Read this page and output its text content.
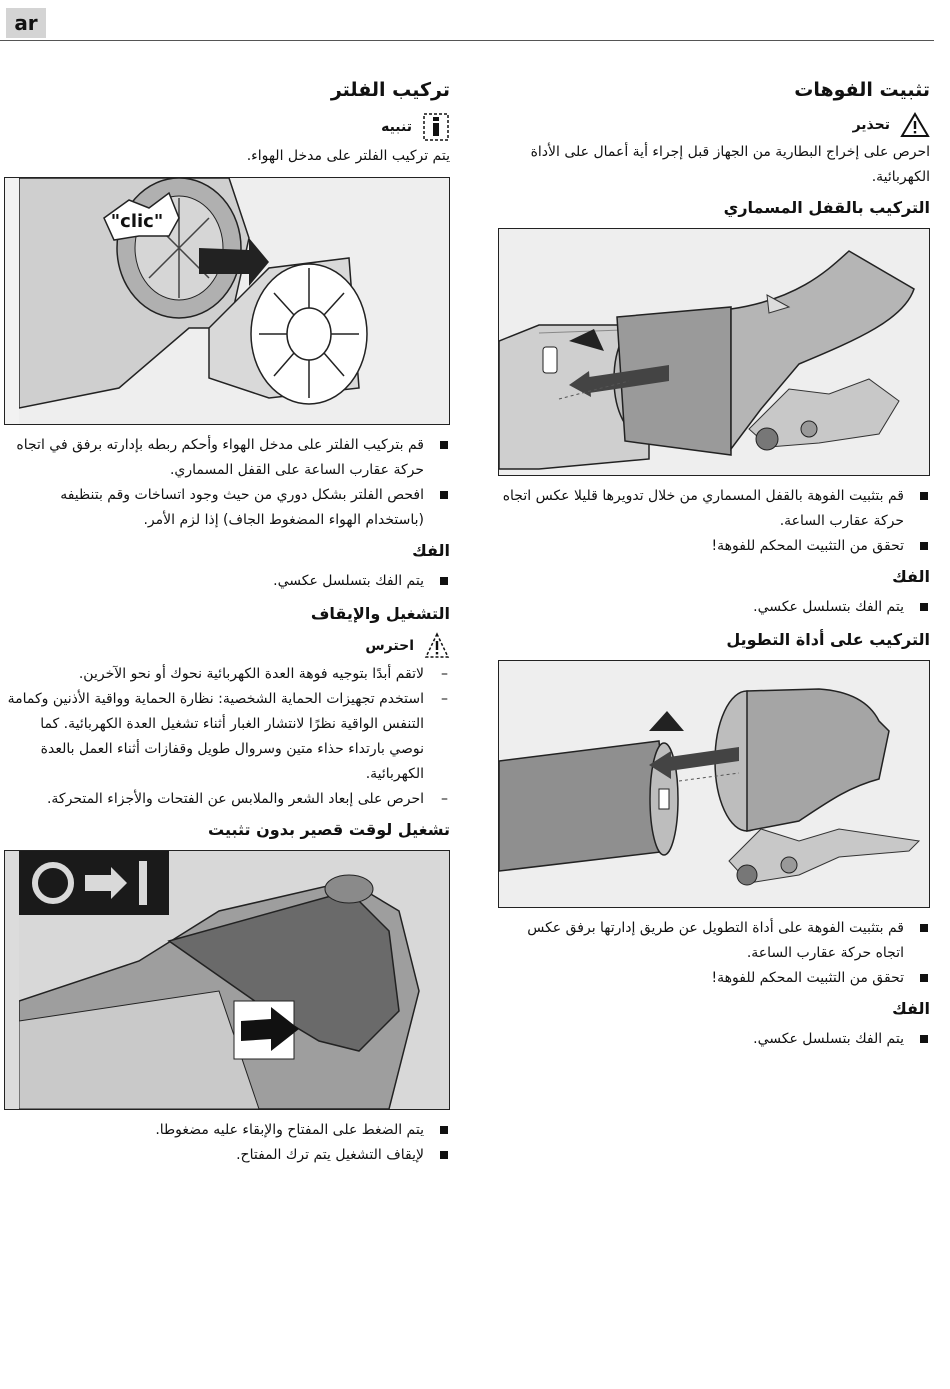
ar
تثبيت الفوهات
تحذير

احرص على إخراج البطارية من الجهاز قبل إجراء أية أعمال على الأداة الكهربائية.

التركيب بالقفل المسماري
قم بتثبيت الفوهة بالقفل المسماري من خلال تدويرها قليلا عكس اتجاه حركة عقارب الساعة.
تحقق من التثبيت المحكم للفوهة!
الفك
يتم الفك بتسلسل عكسي.
التركيب على أداة التطويل
قم بتثبيت الفوهة على أداة التطويل عن طريق إدارتها برفق عكس اتجاه حركة عقارب الساعة.
تحقق من التثبيت المحكم للفوهة!
الفك
يتم الفك بتسلسل عكسي.
تركيب الفلتر
تنبيه

يتم تركيب الفلتر على مدخل الهواء.

"clic"
قم بتركيب الفلتر على مدخل الهواء وأحكم ربطه بإدارته برفق في اتجاه حركة عقارب الساعة على القفل المسماري.
افحص الفلتر بشكل دوري من حيث وجود اتساخات وقم بتنظيفه (باستخدام الهواء المضغوط الجاف) إذا لزم الأمر.
الفك
يتم الفك بتسلسل عكسي.
التشغيل والإيقاف
احترس
– لاتقم أبدًا بتوجيه فوهة العدة الكهربائية نحوك أو نحو الآخرين.
– استخدم تجهيزات الحماية الشخصية: نظارة الحماية وواقية الأذنين وكمامة التنفس الواقية نظرًا لانتشار الغبار أثناء تشغيل العدة الكهربائية. كما نوصي بارتداء حذاء متين وسروال طويل وقفازات أثناء العمل بالعدة الكهربائية.
– احرص على إبعاد الشعر والملابس عن الفتحات والأجزاء المتحركة.
تشغيل لوقت قصير بدون تثبيت
يتم الضغط على المفتاح والإبقاء عليه مضغوطا.
لإيقاف التشغيل يتم ترك المفتاح.
